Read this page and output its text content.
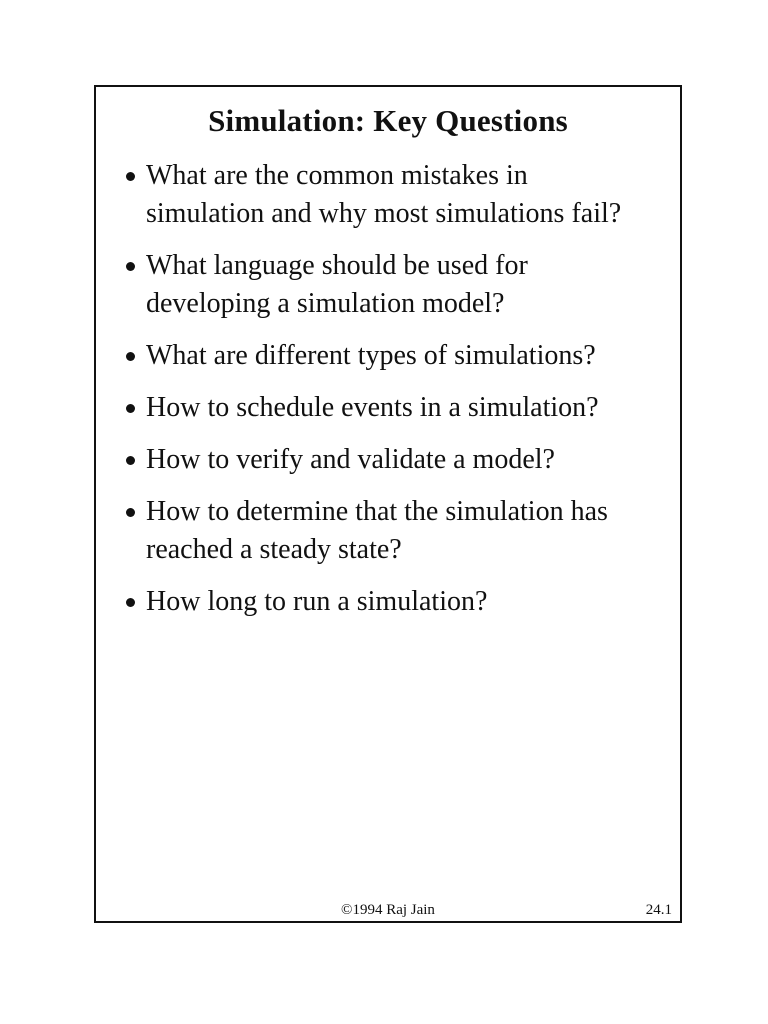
Simulation: Key Questions
What are the common mistakes in
simulation and why most simulations fail?
What language should be used for
developing a simulation model?
What are different types of simulations?
How to schedule events in a simulation?
How to verify and validate a model?
How to determine that the simulation has
reached a steady state?
How long to run a simulation?
©1994 Raj Jain	24.1
